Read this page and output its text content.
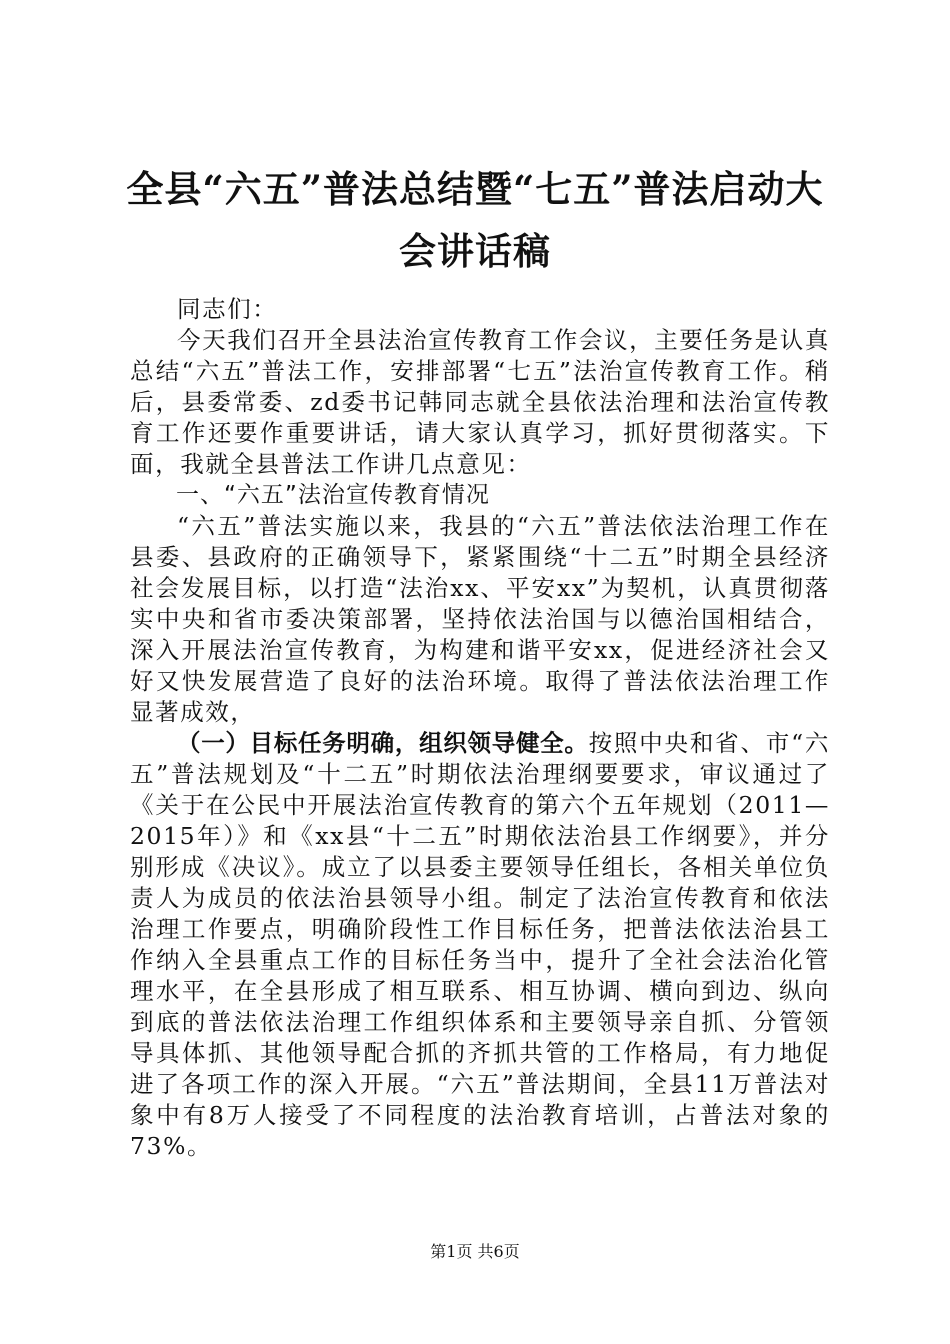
全县“六五”普法总结暨“七五”普法启动大会讲话稿

同志们：

今天我们召开全县法治宣传教育工作会议，主要任务是认真总结“六五”普法工作，安排部署“七五”法治宣传教育工作。稍后，县委常委、zd委书记韩同志就全县依法治理和法治宣传教育工作还要作重要讲话，请大家认真学习，抓好贯彻落实。下面，我就全县普法工作讲几点意见：

一、“六五”法治宣传教育情况

“六五”普法实施以来，我县的“六五”普法依法治理工作在县委、县政府的正确领导下，紧紧围绕“十二五”时期全县经济社会发展目标，以打造“法治xx、平安xx”为契机，认真贯彻落实中央和省市委决策部署，坚持依法治国与以德治国相结合，深入开展法治宣传教育，为构建和谐平安xx，促进经济社会又好又快发展营造了良好的法治环境。取得了普法依法治理工作显著成效，

（一）目标任务明确，组织领导健全。按照中央和省、市“六五”普法规划及“十二五”时期依法治理纲要要求，审议通过了《关于在公民中开展法治宣传教育的第六个五年规划（2011—2015年）》和《xx县“十二五”时期依法治县工作纲要》，并分别形成《决议》。成立了以县委主要领导任组长，各相关单位负责人为成员的依法治县领导小组。制定了法治宣传教育和依法治理工作要点，明确阶段性工作目标任务，把普法依法治县工作纳入全县重点工作的目标任务当中，提升了全社会法治化管理水平，在全县形成了相互联系、相互协调、横向到边、纵向到底的普法依法治理工作组织体系和主要领导亲自抓、分管领导具体抓、其他领导配合抓的齐抓共管的工作格局，有力地促进了各项工作的深入开展。“六五”普法期间，全县11万普法对象中有8万人接受了不同程度的法治教育培训，占普法对象的73%。

第1页 共6页
